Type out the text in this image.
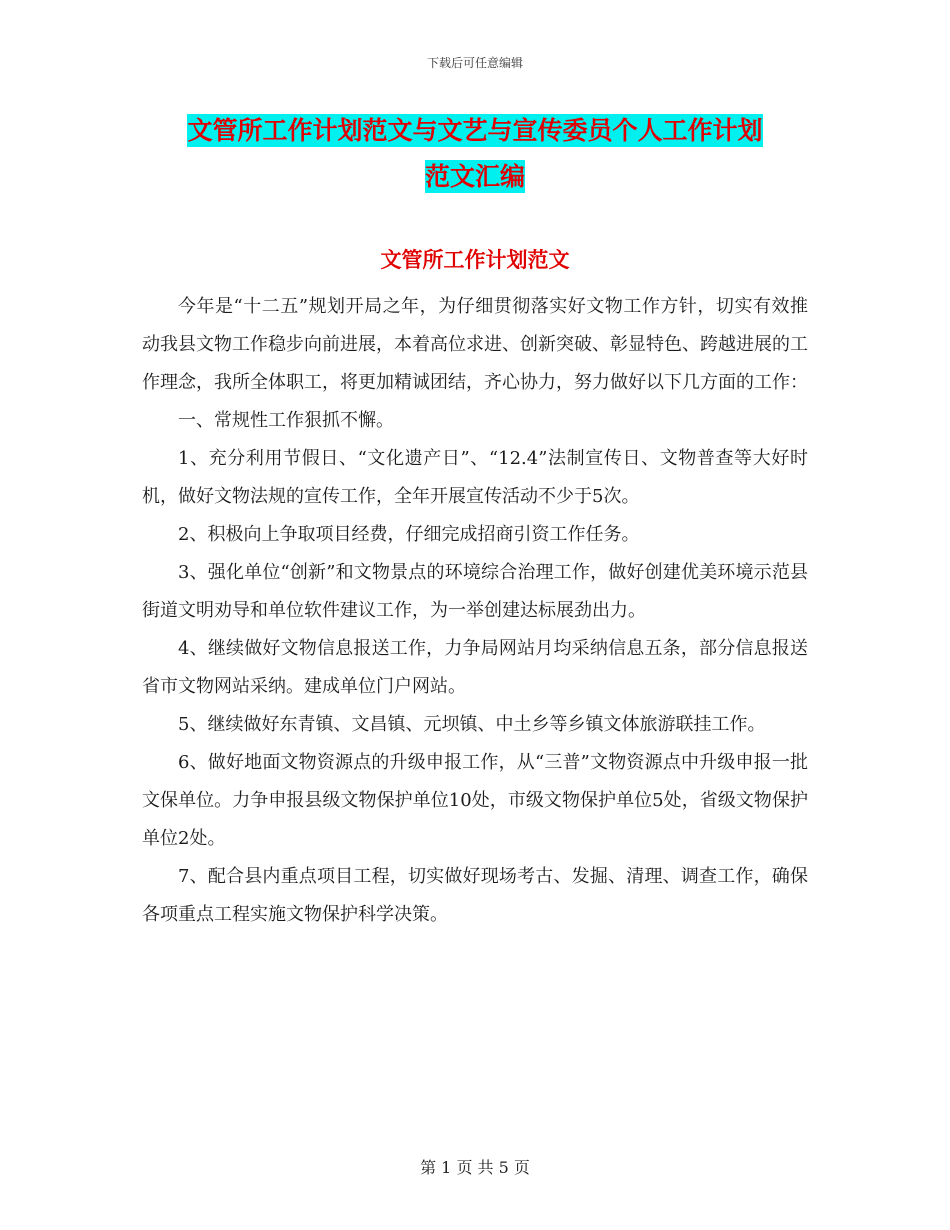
下载后可任意编辑
文管所工作计划范文与文艺与宣传委员个人工作计划
范文汇编
文管所工作计划范文

今年是“十二五”规划开局之年，为仔细贯彻落实好文物工作方针，切实有效推动我县文物工作稳步向前进展，本着高位求进、创新突破、彰显特色、跨越进展的工作理念，我所全体职工，将更加精诚团结，齐心协力，努力做好以下几方面的工作：

一、常规性工作狠抓不懈。

1、充分利用节假日、“文化遗产日”、“12.4”法制宣传日、文物普查等大好时机，做好文物法规的宣传工作，全年开展宣传活动不少于5次。

2、积极向上争取项目经费，仔细完成招商引资工作任务。

3、强化单位“创新”和文物景点的环境综合治理工作，做好创建优美环境示范县街道文明劝导和单位软件建议工作，为一举创建达标展劲出力。

4、继续做好文物信息报送工作，力争局网站月均采纳信息五条，部分信息报送省市文物网站采纳。建成单位门户网站。

5、继续做好东青镇、文昌镇、元坝镇、中土乡等乡镇文体旅游联挂工作。

6、做好地面文物资源点的升级申报工作，从“三普”文物资源点中升级申报一批文保单位。力争申报县级文物保护单位10处，市级文物保护单位5处，省级文物保护单位2处。

7、配合县内重点项目工程，切实做好现场考古、发掘、清理、调查工作，确保各项重点工程实施文物保护科学决策。

第 1 页 共 5 页
